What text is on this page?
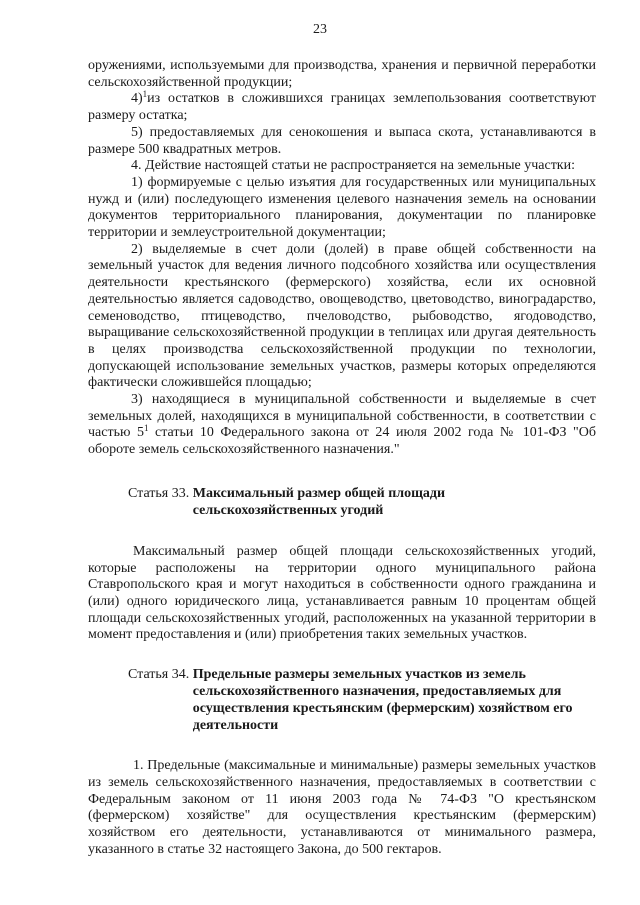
23

оружениями, используемыми для производства, хранения и первичной переработки сельскохозяйственной продукции;

4)$^1$из остатков в сложившихся границах землепользования соответствуют размеру остатка;

5) предоставляемых для сенокошения и выпаса скота, устанавливаются в размере 500 квадратных метров.

4. Действие настоящей статьи не распространяется на земельные участки:

1) формируемые с целью изъятия для государственных или муниципальных нужд и (или) последующего изменения целевого назначения земель на основании документов территориального планирования, документации по планировке территории и землеустроительной документации;

2) выделяемые в счет доли (долей) в праве общей собственности на земельный участок для ведения личного подсобного хозяйства или осуществления деятельности крестьянского (фермерского) хозяйства, если их основной деятельностью является садоводство, овощеводство, цветоводство, виноградарство, семеноводство, птицеводство, пчеловодство, рыбоводство, ягодоводство, выращивание сельскохозяйственной продукции в теплицах или другая деятельность в целях производства сельскохозяйственной продукции по технологии, допускающей использование земельных участков, размеры которых определяются фактически сложившейся площадью;

3) находящиеся в муниципальной собственности и выделяемые в счет земельных долей, находящихся в муниципальной собственности, в соответствии с частью $5^1$ статьи 10 Федерального закона от 24 июля 2002 года № 101-ФЗ "Об обороте земель сельскохозяйственного назначения."

Статья 33. Максимальный размер общей площади сельскохозяйственных угодий

Максимальный размер общей площади сельскохозяйственных угодий, которые расположены на территории одного муниципального района Ставропольского края и могут находиться в собственности одного гражданина и (или) одного юридического лица, устанавливается равным 10 процентам общей площади сельскохозяйственных угодий, расположенных на указанной территории в момент предоставления и (или) приобретения таких земельных участков.

Статья 34. Предельные размеры земельных участков из земель сельскохозяйственного назначения, предоставляемых для осуществления крестьянским (фермерским) хозяйством его деятельности

1. Предельные (максимальные и минимальные) размеры земельных участков из земель сельскохозяйственного назначения, предоставляемых в соответствии с Федеральным законом от 11 июня 2003 года № 74-ФЗ "О крестьянском (фермерском) хозяйстве" для осуществления крестьянским (фермерским) хозяйством его деятельности, устанавливаются от минимального размера, указанного в статье 32 настоящего Закона, до 500 гектаров.
